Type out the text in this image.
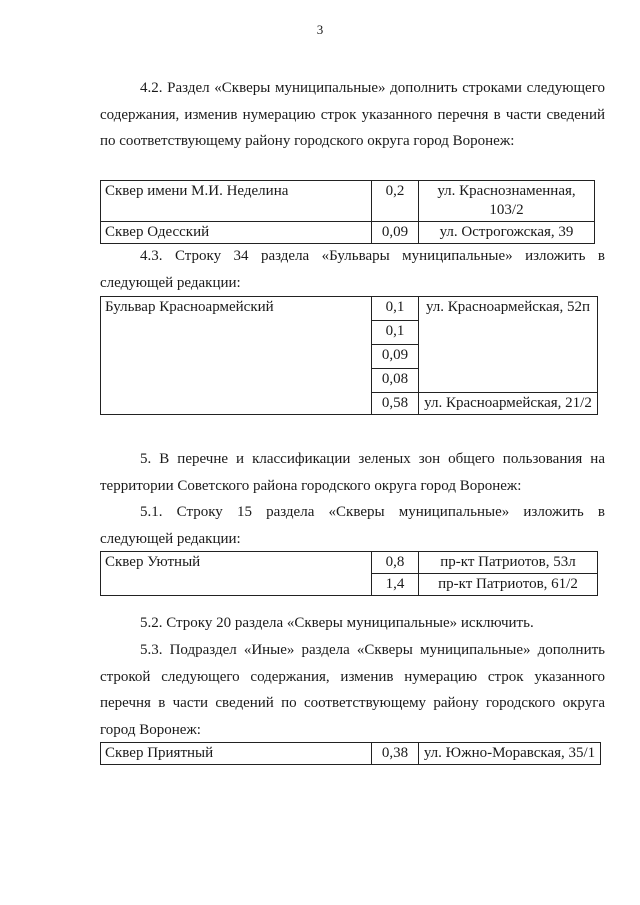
3

4.2. Раздел «Скверы муниципальные» дополнить строками следующего содержания, изменив нумерацию строк указанного перечня в части сведений по соответствующему району городского округа город Воронеж:

Сквер имени М.И. Неделина	0,2	ул. Краснознаменная, 103/2
Сквер Одесский	0,09	ул. Острогожская, 39

4.3. Строку 34 раздела «Бульвары муниципальные» изложить в следующей редакции:

Бульвар Красноармейский	0,1	ул. Красноармейская, 52п
	0,1	
	0,09	
	0,08	
	0,58	ул. Красноармейская, 21/2

5. В перечне и классификации зеленых зон общего пользования на территории Советского района городского округа город Воронеж:

5.1. Строку 15 раздела «Скверы муниципальные» изложить в следующей редакции:

Сквер Уютный	0,8	пр-кт Патриотов, 53л
	1,4	пр-кт Патриотов, 61/2

5.2. Строку 20 раздела «Скверы муниципальные» исключить.

5.3. Подраздел «Иные» раздела «Скверы муниципальные» дополнить строкой следующего содержания, изменив нумерацию строк указанного перечня в части сведений по соответствующему району городского округа город Воронеж:

Сквер Приятный	0,38	ул. Южно-Моравская, 35/1
